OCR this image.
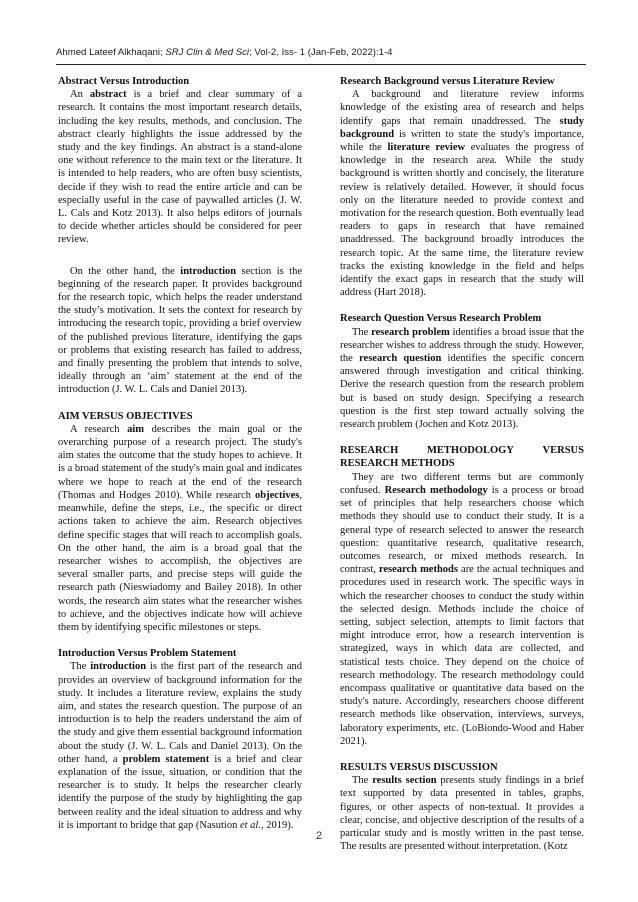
Ahmed Lateef Alkhaqani; SRJ Clin & Med Sci; Vol-2, Iss- 1 (Jan-Feb, 2022):1-4
Abstract Versus Introduction

An abstract is a brief and clear summary of a research. It contains the most important research details, including the key results, methods, and conclusion. The abstract clearly highlights the issue addressed by the study and the key findings. An abstract is a stand-alone one without reference to the main text or the literature. It is intended to help readers, who are often busy scientists, decide if they wish to read the entire article and can be especially useful in the case of paywalled articles (J. W. L. Cals and Kotz 2013). It also helps editors of journals to decide whether articles should be considered for peer review.

On the other hand, the introduction section is the beginning of the research paper. It provides background for the research topic, which helps the reader understand the study’s motivation. It sets the context for research by introducing the research topic, providing a brief overview of the published previous literature, identifying the gaps or problems that existing research has failed to address, and finally presenting the problem that intends to solve, ideally through an ‘aim’ statement at the end of the introduction (J. W. L. Cals and Daniel 2013).

AIM VERSUS OBJECTIVES

A research aim describes the main goal or the overarching purpose of a research project. The study's aim states the outcome that the study hopes to achieve. It is a broad statement of the study's main goal and indicates where we hope to reach at the end of the research (Thomas and Hodges 2010). While research objectives, meanwhile, define the steps, i.e., the specific or direct actions taken to achieve the aim. Research objectives define specific stages that will reach to accomplish goals. On the other hand, the aim is a broad goal that the researcher wishes to accomplish, the objectives are several smaller parts, and precise steps will guide the research path (Nieswiadomy and Bailey 2018). In other words, the research aim states what the researcher wishes to achieve, and the objectives indicate how will achieve them by identifying specific milestones or steps.

Introduction Versus Problem Statement

The introduction is the first part of the research and provides an overview of background information for the study. It includes a literature review, explains the study aim, and states the research question. The purpose of an introduction is to help the readers understand the aim of the study and give them essential background information about the study (J. W. L. Cals and Daniel 2013). On the other hand, a problem statement is a brief and clear explanation of the issue, situation, or condition that the researcher is to study. It helps the researcher clearly identify the purpose of the study by highlighting the gap between reality and the ideal situation to address and why it is important to bridge that gap (Nasution et al., 2019).

Research Background versus Literature Review

A background and literature review informs knowledge of the existing area of research and helps identify gaps that remain unaddressed. The study background is written to state the study's importance, while the literature review evaluates the progress of knowledge in the research area. While the study background is written shortly and concisely, the literature review is relatively detailed. However, it should focus only on the literature needed to provide context and motivation for the research question. Both eventually lead readers to gaps in research that have remained unaddressed. The background broadly introduces the research topic. At the same time, the literature review tracks the existing knowledge in the field and helps identify the exact gaps in research that the study will address (Hart 2018).

Research Question Versus Research Problem

The research problem identifies a broad issue that the researcher wishes to address through the study. However, the research question identifies the specific concern answered through investigation and critical thinking. Derive the research question from the research problem but is based on study design. Specifying a research question is the first step toward actually solving the research problem (Jochen and Kotz 2013).

RESEARCH	METHODOLOGY	VERSUS
RESEARCH METHODS

They are two different terms but are commonly confused. Research methodology is a process or broad set of principles that help researchers choose which methods they should use to conduct their study. It is a general type of research selected to answer the research question: quantitative research, qualitative research, outcomes research, or mixed methods research. In contrast, research methods are the actual techniques and procedures used in research work. The specific ways in which the researcher chooses to conduct the study within the selected design. Methods include the choice of setting, subject selection, attempts to limit factors that might introduce error, how a research intervention is strategized, ways in which data are collected, and statistical tests choice. They depend on the choice of research methodology. The research methodology could encompass qualitative or quantitative data based on the study's nature. Accordingly, researchers choose different research methods like observation, interviews, surveys, laboratory experiments, etc. (LoBiondo-Wood and Haber 2021).

RESULTS VERSUS DISCUSSION

The results section presents study findings in a brief text supported by data presented in tables, graphs, figures, or other aspects of non-textual. It provides a clear, concise, and objective description of the results of a particular study and is mostly written in the past tense. The results are presented without interpretation. (Kotz

2
